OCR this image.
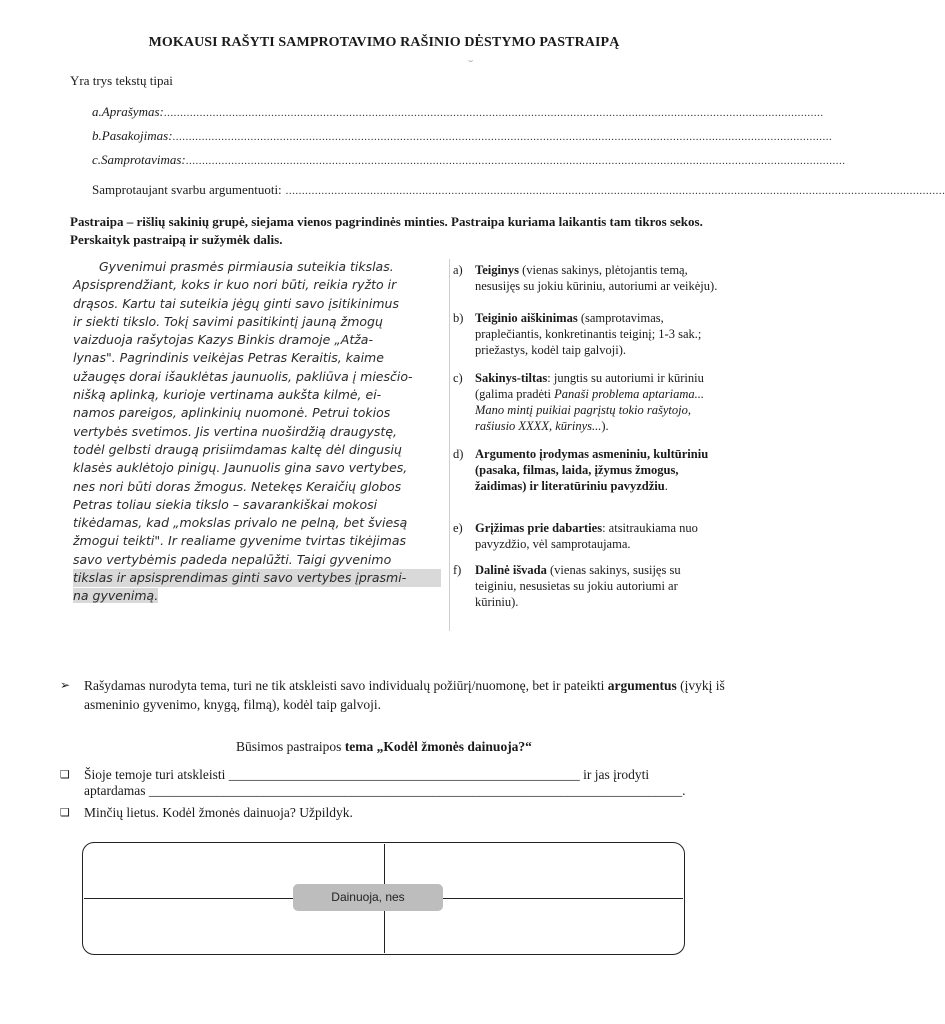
MOKAUSI RAŠYTI SAMPROTAVIMO RAŠINIO DĖSTYMO PASTRAIPĄ
⌣
Yra trys tekstų tipai
a. Aprašymas: ...........................................................................................................................................................................................................
b. Pasakojimas: ...........................................................................................................................................................................................................
c. Samprotavimas: ...........................................................................................................................................................................................................
Samprotaujant svarbu argumentuoti: ...........................................................................................................................................................................................................
Pastraipa – rišlių sakinių grupė, siejama vienos pagrindinės minties. Pastraipa kuriama laikantis tam tikros sekos. Perskaityk pastraipą ir sužymėk dalis.
Gyvenimui prasmės pirmiausia suteikia tikslas.
Apsisprendžiant, koks ir kuo nori būti, reikia ryžto ir
drąsos. Kartu tai suteikia jėgų ginti savo įsitikinimus
ir siekti tikslo. Tokį savimi pasitikintį jauną žmogų
vaizduoja rašytojas Kazys Binkis dramoje „Atža-
lynas". Pagrindinis veikėjas Petras Keraitis, kaime
užaugęs dorai išauklėtas jaunuolis, pakliūva į miesčio-
nišką aplinką, kurioje vertinama aukšta kilmė, ei-
namos pareigos, aplinkinių nuomonė. Petrui tokios
vertybės svetimos. Jis vertina nuoširdžią draugystę,
todėl gelbsti draugą prisiimdamas kaltę dėl dingusių
klasės auklėtojo pinigų. Jaunuolis gina savo vertybes,
nes nori būti doras žmogus. Netekęs Keraičių globos
Petras toliau siekia tikslo – savarankiškai mokosi
tikėdamas, kad „mokslas privalo ne pelną, bet šviesą
žmogui teikti". Ir realiame gyvenime tvirtas tikėjimas
savo vertybėmis padeda nepalūžti. Taigi gyvenimo
tikslas ir apsisprendimas ginti savo vertybes įprasmi-
na gyvenimą.
a) Teiginys (vienas sakinys, plėtojantis temą, nesusijęs su jokiu kūriniu, autoriumi ar veikėju).
b) Teiginio aiškinimas (samprotavimas, praplečiantis, konkretinantis teiginį; 1-3 sak.; priežastys, kodėl taip galvoji).
c) Sakinys-tiltas: jungtis su autoriumi ir kūriniu (galima pradėti Panaši problema aptariama... Mano mintį puikiai pagrįstų tokio rašytojo, rašiusio XXXX, kūrinys...).
d) Argumento įrodymas asmeniniu, kultūriniu (pasaka, filmas, laida, įžymus žmogus, žaidimas) ir literatūriniu pavyzdžiu.
e) Grįžimas prie dabarties: atsitraukiama nuo pavyzdžio, vėl samprotaujama.
f)	Dalinė išvada (vienas sakinys, susijęs su teiginiu, nesusietas su jokiu autoriumi ar kūriniu).
➢	Rašydamas nurodyta tema, turi ne tik atskleisti savo individualų požiūrį/nuomonę, bet ir pateikti argumentus (įvykį iš asmeninio gyvenimo, knygą, filmą), kodėl taip galvoji.
Būsimos pastraipos tema „Kodėl žmonės dainuoja?“
❑	Šioje temoje turi atskleisti ____________________________________________________ ir jas įrodyti
aptardamas _______________________________________________________________________________.
❑	Minčių lietus. Kodėl žmonės dainuoja? Užpildyk.
Dainuoja, nes
